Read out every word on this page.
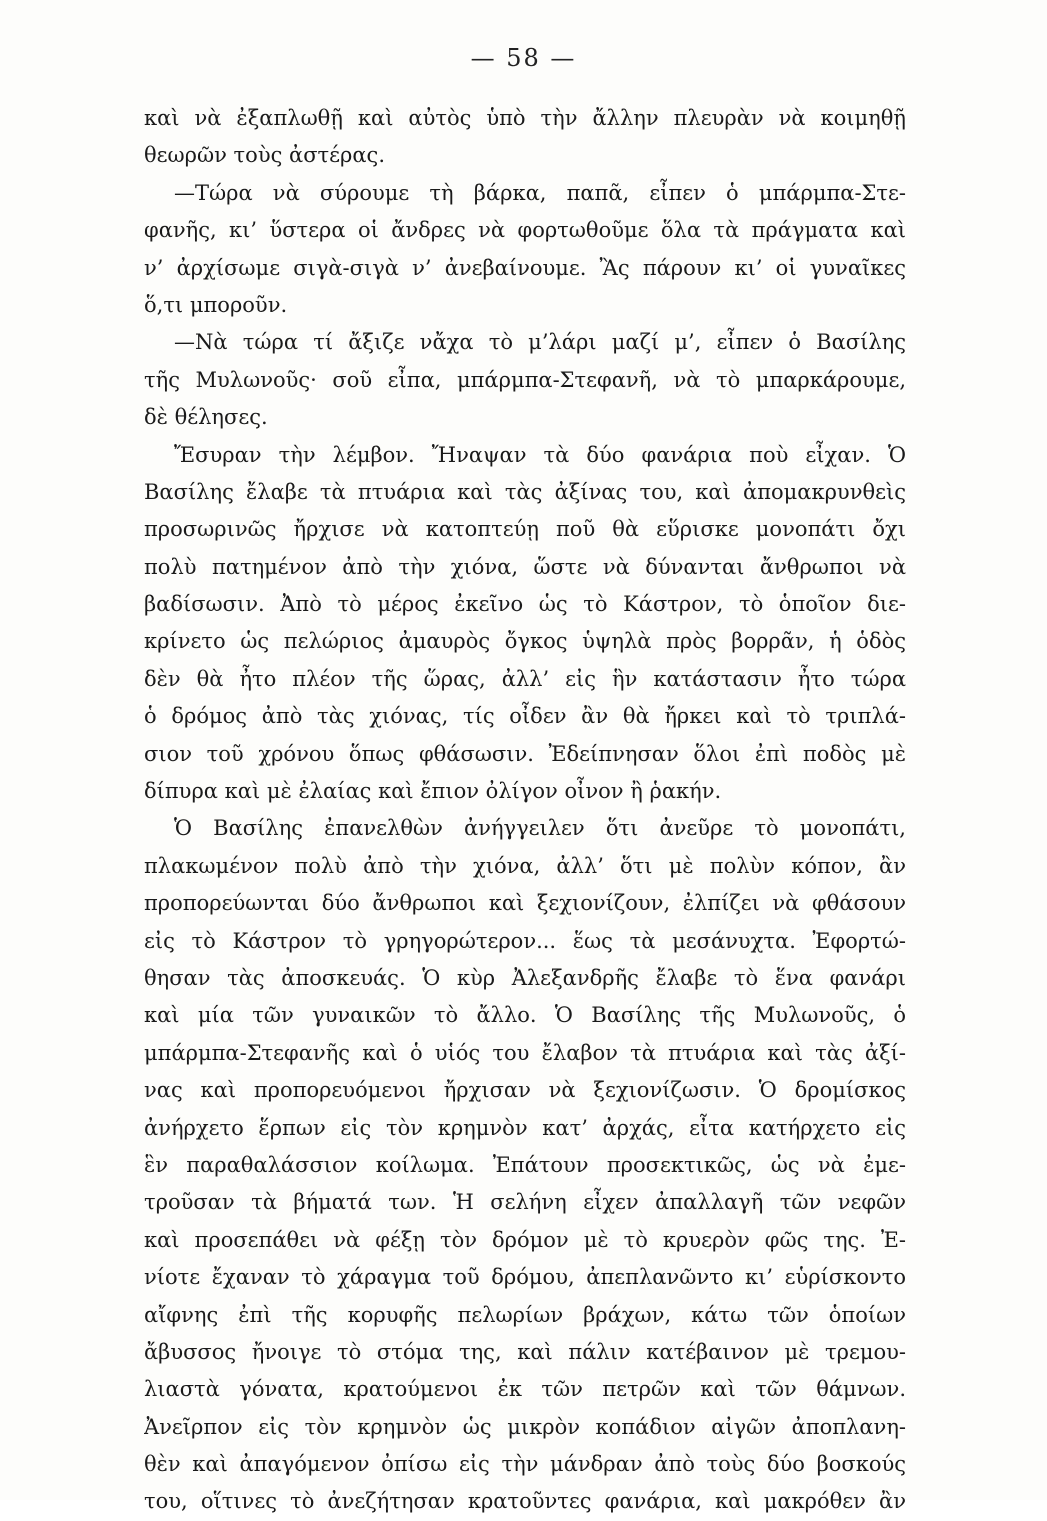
— 58 —
καὶ νὰ ἐξαπλωθῇ καὶ αὐτὸς ὑπὸ τὴν ἄλλην πλευρὰν νὰ κοιμηθῇ
θεωρῶν τοὺς ἀστέρας.
—Τώρα νὰ σύρουμε τὴ βάρκα, παπᾶ, εἶπεν ὁ μπάρμπα-Στε-
φανῆς, κι’ ὕστερα οἱ ἄνδρες νὰ φορτωθοῦμε ὅλα τὰ πράγματα καὶ
ν’ ἀρχίσωμε σιγὰ-σιγὰ ν’ ἀνεβαίνουμε. Ἂς πάρουν κι’ οἱ γυναῖκες
ὅ,τι μποροῦν.
—Νὰ τώρα τί ἄξιζε νἄχα τὸ μ’λάρι μαζί μ’, εἶπεν ὁ Βασίλης
τῆς Μυλωνοῦς· σοῦ εἶπα, μπάρμπα-Στεφανῆ, νὰ τὸ μπαρκάρουμε,
δὲ θέλησες.
Ἔσυραν τὴν λέμβον. Ἤναψαν τὰ δύο φανάρια ποὺ εἶχαν. Ὁ
Βασίλης ἔλαβε τὰ πτυάρια καὶ τὰς ἀξίνας του, καὶ ἀπομακρυνθεὶς
προσωρινῶς ἤρχισε νὰ κατοπτεύῃ ποῦ θὰ εὕρισκε μονοπάτι ὄχι
πολὺ πατημένον ἀπὸ τὴν χιόνα, ὥστε νὰ δύνανται ἄνθρωποι νὰ
βαδίσωσιν. Ἀπὸ τὸ μέρος ἐκεῖνο ὡς τὸ Κάστρον, τὸ ὁποῖον διε-
κρίνετο ὡς πελώριος ἀμαυρὸς ὄγκος ὑψηλὰ πρὸς βορρᾶν, ἡ ὁδὸς
δὲν θὰ ἦτο πλέον τῆς ὥρας, ἀλλ’ εἰς ἣν κατάστασιν ἦτο τώρα
ὁ δρόμος ἀπὸ τὰς χιόνας, τίς οἶδεν ἂν θὰ ἤρκει καὶ τὸ τριπλά-
σιον τοῦ χρόνου ὅπως φθάσωσιν. Ἐδείπνησαν ὅλοι ἐπὶ ποδὸς μὲ
δίπυρα καὶ μὲ ἐλαίας καὶ ἔπιον ὀλίγον οἶνον ἢ ῥακήν.
Ὁ Βασίλης ἐπανελθὼν ἀνήγγειλεν ὅτι ἀνεῦρε τὸ μονοπάτι,
πλακωμένον πολὺ ἀπὸ τὴν χιόνα, ἀλλ’ ὅτι μὲ πολὺν κόπον, ἂν
προπορεύωνται δύο ἄνθρωποι καὶ ξεχιονίζουν, ἐλπίζει νὰ φθάσουν
εἰς τὸ Κάστρον τὸ γρηγορώτερον... ἕως τὰ μεσάνυχτα. Ἐφορτώ-
θησαν τὰς ἀποσκευάς. Ὁ κὺρ Ἀλεξανδρῆς ἔλαβε τὸ ἕνα φανάρι
καὶ μία τῶν γυναικῶν τὸ ἄλλο. Ὁ Βασίλης τῆς Μυλωνοῦς, ὁ
μπάρμπα-Στεφανῆς καὶ ὁ υἱός του ἔλαβον τὰ πτυάρια καὶ τὰς ἀξί-
νας καὶ προπορευόμενοι ἤρχισαν νὰ ξεχιονίζωσιν. Ὁ δρομίσκος
ἀνήρχετο ἕρπων εἰς τὸν κρημνὸν κατ’ ἀρχάς, εἶτα κατήρχετο εἰς
ἓν παραθαλάσσιον κοίλωμα. Ἐπάτουν προσεκτικῶς, ὡς νὰ ἐμε-
τροῦσαν τὰ βήματά των. Ἡ σελήνη εἶχεν ἀπαλλαγῆ τῶν νεφῶν
καὶ προσεπάθει νὰ φέξῃ τὸν δρόμον μὲ τὸ κρυερὸν φῶς της. Ἐ-
νίοτε ἔχαναν τὸ χάραγμα τοῦ δρόμου, ἀπεπλανῶντο κι’ εὑρίσκοντο
αἴφνης ἐπὶ τῆς κορυφῆς πελωρίων βράχων, κάτω τῶν ὁποίων
ἄβυσσος ἤνοιγε τὸ στόμα της, καὶ πάλιν κατέβαινον μὲ τρεμου-
λιαστὰ γόνατα, κρατούμενοι ἐκ τῶν πετρῶν καὶ τῶν θάμνων.
Ἀνεῖρπον εἰς τὸν κρημνὸν ὡς μικρὸν κοπάδιον αἰγῶν ἀποπλανη-
θὲν καὶ ἀπαγόμενον ὀπίσω εἰς τὴν μάνδραν ἀπὸ τοὺς δύο βοσκούς
του, οἵτινες τὸ ἀνεζήτησαν κρατοῦντες φανάρια, καὶ μακρόθεν ἂν
